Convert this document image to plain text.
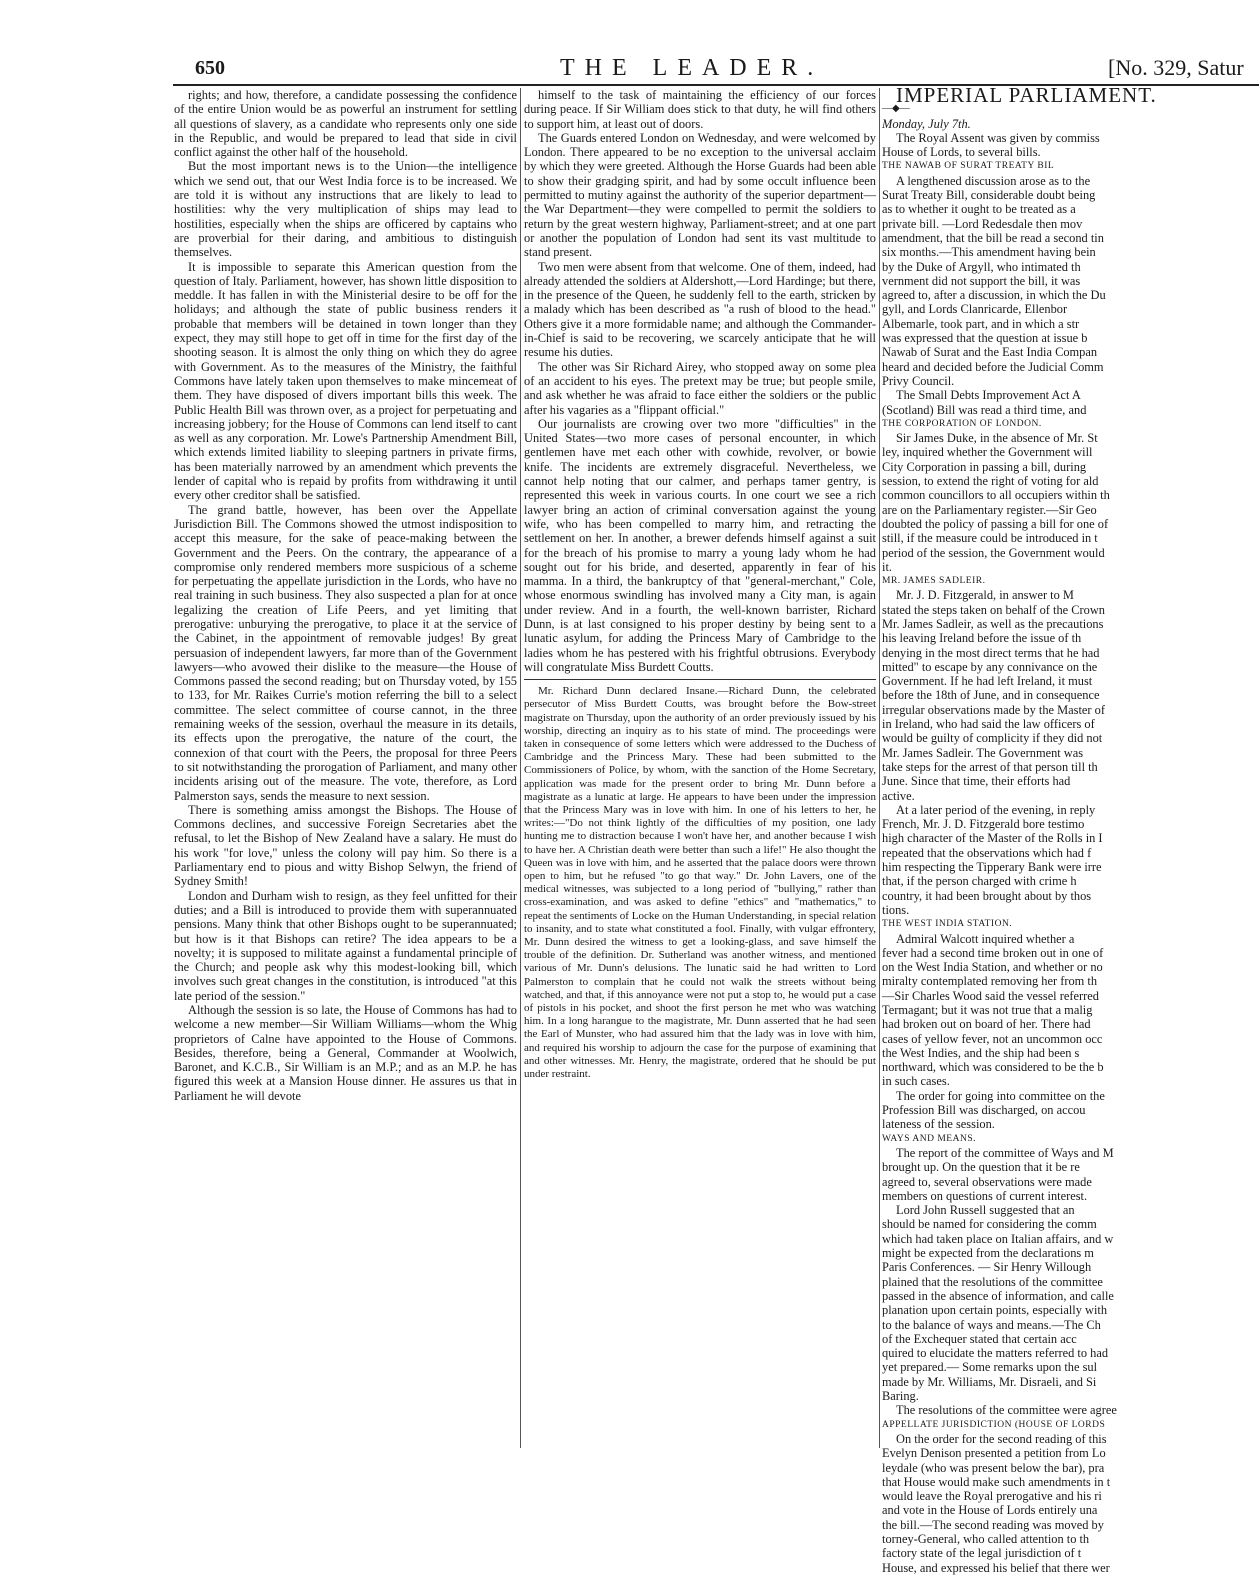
650	THE LEADER.	[No. 329, Satur

rights; and how, therefore, a candidate possessing the confidence of the entire Union would be as powerful an instrument for settling all questions of slavery, as a candidate who represents only one side in the Republic, and would be prepared to lead that side in civil conflict against the other half of the household.

But the most important news is to the Union—the intelligence which we send out, that our West India force is to be increased. We are told it is without any instructions that are likely to lead to hostilities: why the very multiplication of ships may lead to hostilities, especially when the ships are officered by captains who are proverbial for their daring, and ambitious to distinguish themselves.

It is impossible to separate this American question from the question of Italy. Parliament, however, has shown little disposition to meddle. It has fallen in with the Ministerial desire to be off for the holidays; and although the state of public business renders it probable that members will be detained in town longer than they expect, they may still hope to get off in time for the first day of the shooting season. It is almost the only thing on which they do agree with Government. As to the measures of the Ministry, the faithful Commons have lately taken upon themselves to make mincemeat of them. They have disposed of divers important bills this week. The Public Health Bill was thrown over, as a project for perpetuating and increasing jobbery; for the House of Commons can lend itself to cant as well as any corporation. Mr. Lowe's Partnership Amendment Bill, which extends limited liability to sleeping partners in private firms, has been materially narrowed by an amendment which prevents the lender of capital who is repaid by profits from withdrawing it until every other creditor shall be satisfied.

The grand battle, however, has been over the Appellate Jurisdiction Bill. The Commons showed the utmost indisposition to accept this measure, for the sake of peace-making between the Government and the Peers. On the contrary, the appearance of a compromise only rendered members more suspicious of a scheme for perpetuating the appellate jurisdiction in the Lords, who have no real training in such business. They also suspected a plan for at once legalizing the creation of Life Peers, and yet limiting that prerogative: unburying the prerogative, to place it at the service of the Cabinet, in the appointment of removable judges! By great persuasion of independent lawyers, far more than of the Government lawyers—who avowed their dislike to the measure—the House of Commons passed the second reading; but on Thursday voted, by 155 to 133, for Mr. Raikes Currie's motion referring the bill to a select committee. The select committee of course cannot, in the three remaining weeks of the session, overhaul the measure in its details, its effects upon the prerogative, the nature of the court, the connexion of that court with the Peers, the proposal for three Peers to sit notwithstanding the prorogation of Parliament, and many other incidents arising out of the measure. The vote, therefore, as Lord Palmerston says, sends the measure to next session.

There is something amiss amongst the Bishops. The House of Commons declines, and successive Foreign Secretaries abet the refusal, to let the Bishop of New Zealand have a salary. He must do his work "for love," unless the colony will pay him. So there is a Parliamentary end to pious and witty Bishop Selwyn, the friend of Sydney Smith!

London and Durham wish to resign, as they feel unfitted for their duties; and a Bill is introduced to provide them with superannuated pensions. Many think that other Bishops ought to be superannuated; but how is it that Bishops can retire? The idea appears to be a novelty; it is supposed to militate against a fundamental principle of the Church; and people ask why this modest-looking bill, which involves such great changes in the constitution, is introduced "at this late period of the session."

Although the session is so late, the House of Commons has had to welcome a new member—Sir William Williams—whom the Whig proprietors of Calne have appointed to the House of Commons. Besides, therefore, being a General, Commander at Woolwich, Baronet, and K.C.B., Sir William is an M.P.; and as an M.P. he has figured this week at a Mansion House dinner. He assures us that in Parliament he will devote

himself to the task of maintaining the efficiency of our forces during peace. If Sir William does stick to that duty, he will find others to support him, at least out of doors.

The Guards entered London on Wednesday, and were welcomed by London. There appeared to be no exception to the universal acclaim by which they were greeted. Although the Horse Guards had been able to show their gradging spirit, and had by some occult influence been permitted to mutiny against the authority of the superior department—the War Department—they were compelled to permit the soldiers to return by the great western highway, Parliament-street; and at one part or another the population of London had sent its vast multitude to stand present.

Two men were absent from that welcome. One of them, indeed, had already attended the soldiers at Aldershott,—Lord Hardinge; but there, in the presence of the Queen, he suddenly fell to the earth, stricken by a malady which has been described as "a rush of blood to the head." Others give it a more formidable name; and although the Commander-in-Chief is said to be recovering, we scarcely anticipate that he will resume his duties.

The other was Sir Richard Airey, who stopped away on some plea of an accident to his eyes. The pretext may be true; but people smile, and ask whether he was afraid to face either the soldiers or the public after his vagaries as a "flippant official."

Our journalists are crowing over two more "difficulties" in the United States—two more cases of personal encounter, in which gentlemen have met each other with cowhide, revolver, or bowie knife. The incidents are extremely disgraceful. Nevertheless, we cannot help noting that our calmer, and perhaps tamer gentry, is represented this week in various courts. In one court we see a rich lawyer bring an action of criminal conversation against the young wife, who has been compelled to marry him, and retracting the settlement on her. In another, a brewer defends himself against a suit for the breach of his promise to marry a young lady whom he had sought out for his bride, and deserted, apparently in fear of his mamma. In a third, the bankruptcy of that "general-merchant," Cole, whose enormous swindling has involved many a City man, is again under review. And in a fourth, the well-known barrister, Richard Dunn, is at last consigned to his proper destiny by being sent to a lunatic asylum, for adding the Princess Mary of Cambridge to the ladies whom he has pestered with his frightful obtrusions. Everybody will congratulate Miss Burdett Coutts.

Mr. Richard Dunn declared Insane.—Richard Dunn, the celebrated persecutor of Miss Burdett Coutts, was brought before the Bow-street magistrate on Thursday, upon the authority of an order previously issued by his worship, directing an inquiry as to his state of mind. The proceedings were taken in consequence of some letters which were addressed to the Duchess of Cambridge and the Princess Mary. These had been submitted to the Commissioners of Police, by whom, with the sanction of the Home Secretary, application was made for the present order to bring Mr. Dunn before a magistrate as a lunatic at large. He appears to have been under the impression that the Princess Mary was in love with him. In one of his letters to her, he writes:—"Do not think lightly of the difficulties of my position, one lady hunting me to distraction because I won't have her, and another because I wish to have her. A Christian death were better than such a life!" He also thought the Queen was in love with him, and he asserted that the palace doors were thrown open to him, but he refused "to go that way." Dr. John Lavers, one of the medical witnesses, was subjected to a long period of "bullying," rather than cross-examination, and was asked to define "ethics" and "mathematics," to repeat the sentiments of Locke on the Human Understanding, in special relation to insanity, and to state what constituted a fool. Finally, with vulgar effrontery, Mr. Dunn desired the witness to get a looking-glass, and save himself the trouble of the definition. Dr. Sutherland was another witness, and mentioned various of Mr. Dunn's delusions. The lunatic said he had written to Lord Palmerston to complain that he could not walk the streets without being watched, and that, if this annoyance were not put a stop to, he would put a case of pistols in his pocket, and shoot the first person he met who was watching him. In a long harangue to the magistrate, Mr. Dunn asserted that he had seen the Earl of Munster, who had assured him that the lady was in love with him, and required his worship to adjourn the case for the purpose of examining that and other witnesses. Mr. Henry, the magistrate, ordered that he should be put under restraint.

IMPERIAL PARLIAMENT.

—◆—

Monday, July 7th.

The Royal Assent was given by commiss

House of Lords, to several bills.

THE NAWAB OF SURAT TREATY BIL

A lengthened discussion arose as to the

Surat Treaty Bill, considerable doubt being

as to whether it ought to be treated as a

private bill. —Lord Redesdale then mov

amendment, that the bill be read a second tin

six months.—This amendment having bein

by the Duke of Argyll, who intimated th

vernment did not support the bill, it was

agreed to, after a discussion, in which the Du

gyll, and Lords Clanricarde, Ellenbor

Albemarle, took part, and in which a str

was expressed that the question at issue b

Nawab of Surat and the East India Compan

heard and decided before the Judicial Comm

Privy Council.

The Small Debts Improvement Act A

(Scotland) Bill was read a third time, and

THE CORPORATION OF LONDON.

Sir James Duke, in the absence of Mr. St

ley, inquired whether the Government will

City Corporation in passing a bill, during

session, to extend the right of voting for ald

common councillors to all occupiers within th

are on the Parliamentary register.—Sir Geo

doubted the policy of passing a bill for one of

still, if the measure could be introduced in t

period of the session, the Government would

it.

MR. JAMES SADLEIR.

Mr. J. D. Fitzgerald, in answer to M

stated the steps taken on behalf of the Crown

Mr. James Sadleir, as well as the precautions

his leaving Ireland before the issue of th

denying in the most direct terms that he had

mitted" to escape by any connivance on the

Government. If he had left Ireland, it must

before the 18th of June, and in consequence

irregular observations made by the Master of

in Ireland, who had said the law officers of

would be guilty of complicity if they did not

Mr. James Sadleir. The Government was

take steps for the arrest of that person till th

June. Since that time, their efforts had

active.

At a later period of the evening, in reply

French, Mr. J. D. Fitzgerald bore testimo

high character of the Master of the Rolls in I

repeated that the observations which had f

him respecting the Tipperary Bank were irre

that, if the person charged with crime h

country, it had been brought about by thos

tions.

THE WEST INDIA STATION.

Admiral Walcott inquired whether a

fever had a second time broken out in one of

on the West India Station, and whether or no

miralty contemplated removing her from th

—Sir Charles Wood said the vessel referred

Termagant; but it was not true that a malig

had broken out on board of her. There had

cases of yellow fever, not an uncommon occ

the West Indies, and the ship had been s

northward, which was considered to be the b

in such cases.

The order for going into committee on the

Profession Bill was discharged, on accou

lateness of the session.

WAYS AND MEANS.

The report of the committee of Ways and M

brought up. On the question that it be re

agreed to, several observations were made

members on questions of current interest.

Lord John Russell suggested that an

should be named for considering the comm

which had taken place on Italian affairs, and w

might be expected from the declarations m

Paris Conferences. — Sir Henry Willough

plained that the resolutions of the committee

passed in the absence of information, and calle

planation upon certain points, especially with

to the balance of ways and means.—The Ch

of the Exchequer stated that certain acc

quired to elucidate the matters referred to had

yet prepared.— Some remarks upon the sul

made by Mr. Williams, Mr. Disraeli, and Si

Baring.

The resolutions of the committee were agree

APPELLATE JURISDICTION (HOUSE OF LORDS

On the order for the second reading of this

Evelyn Denison presented a petition from Lo

leydale (who was present below the bar), pra

that House would make such amendments in t

would leave the Royal prerogative and his ri

and vote in the House of Lords entirely una

the bill.—The second reading was moved by

torney-General, who called attention to th

factory state of the legal jurisdiction of t

House, and expressed his belief that there wer
